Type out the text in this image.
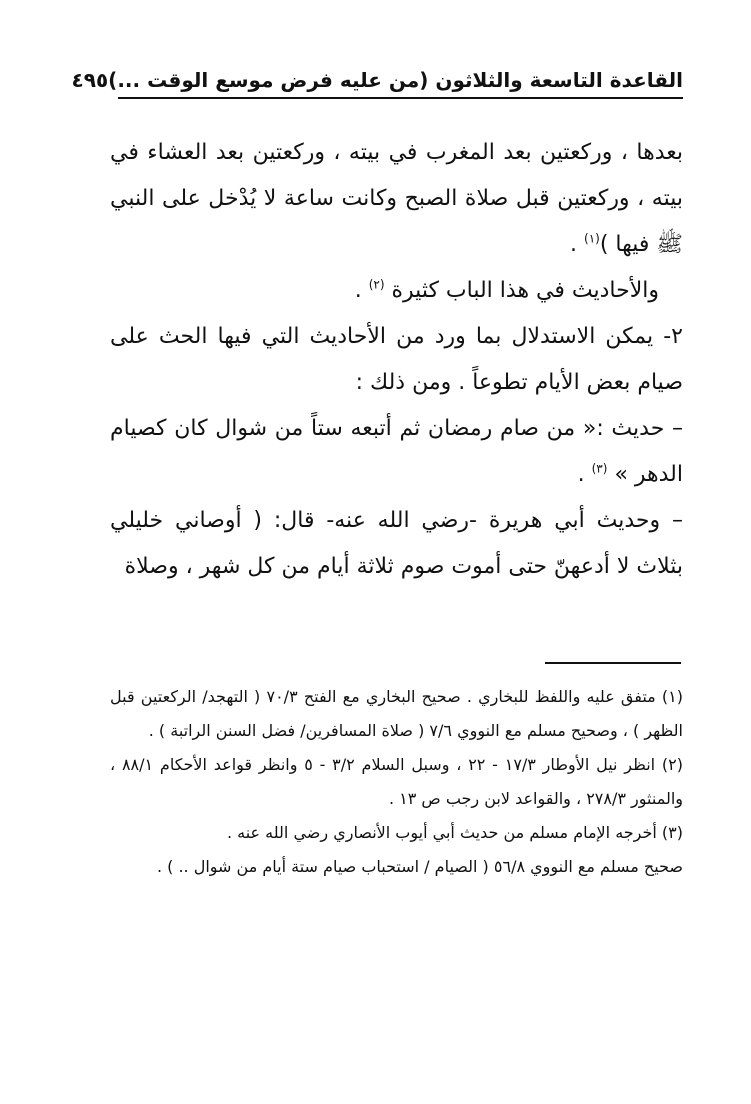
القاعدة التاسعة والثلاثون (من عليه فرض موسع الوقت ...)
٤٩٥

بعدها ، وركعتين بعد المغرب في بيته ، وركعتين بعد العشاء في بيته ، وركعتين قبل صلاة الصبح وكانت ساعة لا يُدْخل على النبي ﷺ فيها )$^{(١)}$ .

والأحاديث في هذا الباب كثيرة $^{(٢)}$ .

٢- يمكن الاستدلال بما ورد من الأحاديث التي فيها الحث على صيام بعض الأيام تطوعاً . ومن ذلك :

– حديث :« من صام رمضان ثم أتبعه ستاً من شوال كان كصيام الدهر » $^{(٣)}$ .

– وحديث أبي هريرة -رضي الله عنه- قال: ( أوصاني خليلي بثلاث لا أدعهنّ حتى أموت صوم ثلاثة أيام من كل شهر ، وصلاة

(١) متفق عليه واللفظ للبخاري . صحيح البخاري مع الفتح ٧٠/٣ ( التهجد/ الركعتين قبل الظهر ) ، وصحيح مسلم مع النووي ٧/٦ ( صلاة المسافرين/ فضل السنن الراتبة ) .

(٢) انظر نيل الأوطار ١٧/٣ - ٢٢ ، وسبل السلام ٣/٢ - ٥ وانظر قواعد الأحكام ٨٨/١ ، والمنثور ٢٧٨/٣ ، والقواعد لابن رجب ص ١٣ .

(٣) أخرجه الإمام مسلم من حديث أبي أيوب الأنصاري رضي الله عنه .

صحيح مسلم مع النووي ٥٦/٨ ( الصيام / استحباب صيام ستة أيام من شوال .. ) .
